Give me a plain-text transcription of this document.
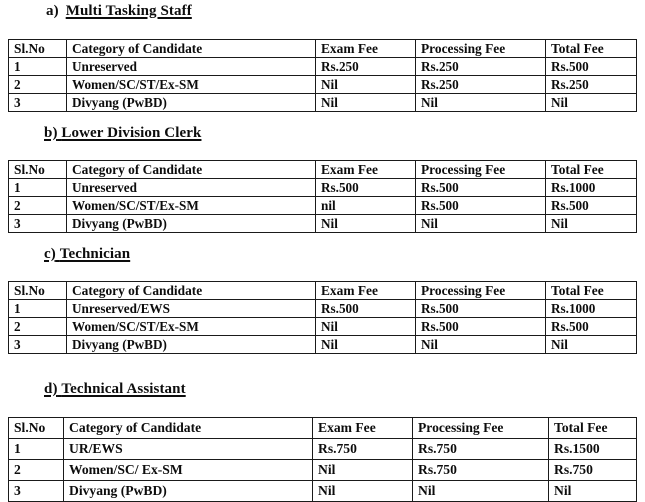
a) Multi Tasking Staff
Sl.No	Category of Candidate	Exam Fee	Processing Fee	Total Fee
1	Unreserved	Rs.250	Rs.250	Rs.500
2	Women/SC/ST/Ex-SM	Nil	Rs.250	Rs.250
3	Divyang (PwBD)	Nil	Nil	Nil
b) Lower Division Clerk
Sl.No	Category of Candidate	Exam Fee	Processing Fee	Total Fee
1	Unreserved	Rs.500	Rs.500	Rs.1000
2	Women/SC/ST/Ex-SM	nil	Rs.500	Rs.500
3	Divyang (PwBD)	Nil	Nil	Nil
c) Technician
Sl.No	Category of Candidate	Exam Fee	Processing Fee	Total Fee
1	Unreserved/EWS	Rs.500	Rs.500	Rs.1000
2	Women/SC/ST/Ex-SM	Nil	Rs.500	Rs.500
3	Divyang (PwBD)	Nil	Nil	Nil
d) Technical Assistant
Sl.No	Category of Candidate	Exam Fee	Processing Fee	Total Fee
1	UR/EWS	Rs.750	Rs.750	Rs.1500
2	Women/SC/ Ex-SM	Nil	Rs.750	Rs.750
3	Divyang (PwBD)	Nil	Nil	Nil
